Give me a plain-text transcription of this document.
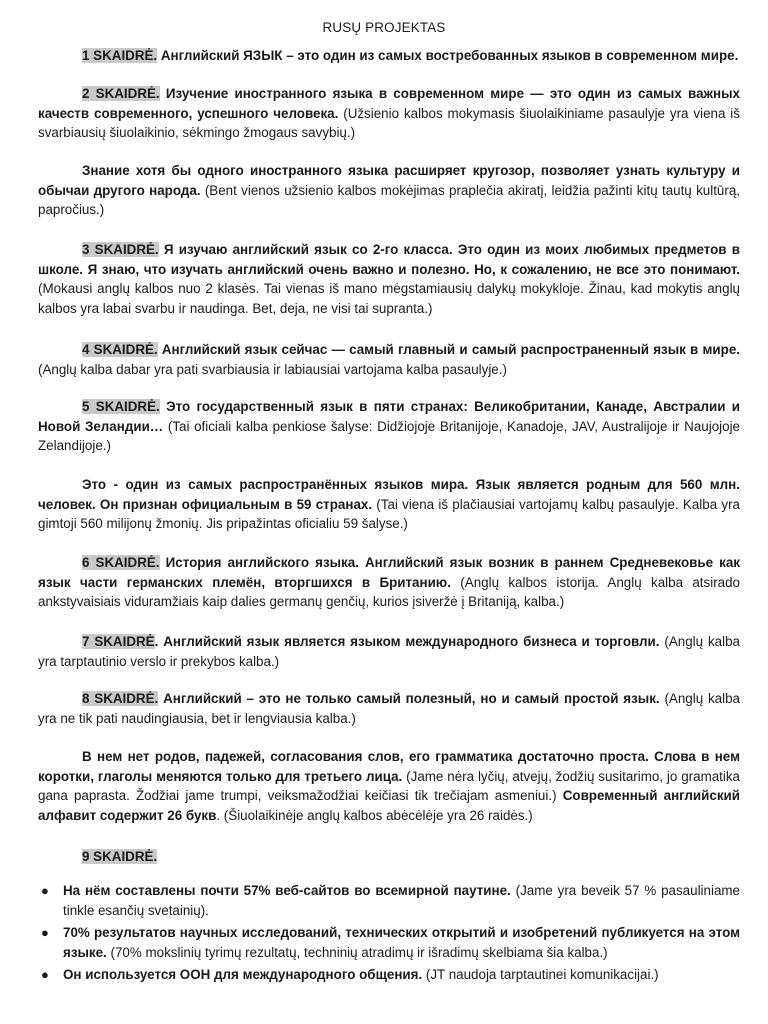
RUSŲ PROJEKTAS

1 SKAIDRĖ. Английский ЯЗЫК – это один из самых востребованных языков в современном мире.

2 SKAIDRĖ. Изучение иностранного языка в современном мире — это один из самых важных качеств современного, успешного человека. (Užsienio kalbos mokymasis šiuolaikiniame pasaulyje yra viena iš svarbiausių šiuolaikinio, sėkmingo žmogaus savybių.)

Знание хотя бы одного иностранного языка расширяет кругозор, позволяет узнать культуру и обычаи другого народа. (Bent vienos užsienio kalbos mokėjimas praplečia akiratį, leidžia pažinti kitų tautų kultūrą, papročius.)

3 SKAIDRĖ. Я изучаю английский язык со 2-го класса. Это один из моих любимых предметов в школе. Я знаю, что изучать английский очень важно и полезно. Но, к сожалению, не все это понимают. (Mokausi anglų kalbos nuo 2 klasės. Tai vienas iš mano mėgstamiausių dalykų mokykloje. Žinau, kad mokytis anglų kalbos yra labai svarbu ir naudinga. Bet, deja, ne visi tai supranta.)

4 SKAIDRĖ. Английский язык сейчас — самый главный и самый распространенный язык в мире. (Anglų kalba dabar yra pati svarbiausia ir labiausiai vartojama kalba pasaulyje.)

5 SKAIDRĖ. Это государственный язык в пяти странах: Великобритании, Канаде, Австралии и Новой Зеландии… (Tai oficiali kalba penkiose šalyse: Didžiojoje Britanijoje, Kanadoje, JAV, Australijoje ir Naujojoje Zelandijoje.)

Это - один из самых распространённых языков мира. Язык является родным для 560 млн. человек. Он признан официальным в 59 странах. (Tai viena iš plačiausiai vartojamų kalbų pasaulyje. Kalba yra gimtoji 560 milijonų žmonių. Jis pripažintas oficialiu 59 šalyse.)

6 SKAIDRĖ. История английского языка. Английский язык возник в раннем Средневековье как язык части германских племён, вторгшихся в Британию. (Anglų kalbos istorija. Anglų kalba atsirado ankstyvaisiais viduramžiais kaip dalies germanų genčių, kurios įsiveržė į Britaniją, kalba.)

7 SKAIDRĖ. Английский язык является языком международного бизнеса и торговли. (Anglų kalba yra tarptautinio verslo ir prekybos kalba.)

8 SKAIDRĖ. Английский – это не только самый полезный, но и самый простой язык. (Anglų kalba yra ne tik pati naudingiausia, bet ir lengviausia kalba.)

В нем нет родов, падежей, согласования слов, его грамматика достаточно проста. Слова в нем коротки, глаголы меняются только для третьего лица. (Jame nėra lyčių, atvejų, žodžių susitarimo, jo gramatika gana paprasta. Žodžiai jame trumpi, veiksmažodžiai keičiasi tik trečiajam asmeniui.) Современный английский алфавит содержит 26 букв. (Šiuolaikinėje anglų kalbos abėcėlėje yra 26 raidės.)

9 SKAIDRĖ.

● На нём составлены почти 57% веб-сайтов во всемирной паутине. (Jame yra beveik 57 % pasauliniame tinkle esančių svetainių).
● 70% результатов научных исследований, технических открытий и изобретений публикуется на этом языке. (70% mokslinių tyrimų rezultatų, techninių atradimų ir išradimų skelbiama šia kalba.)
● Он используется ООН для международного общения. (JT naudoja tarptautinei komunikacijai.)
